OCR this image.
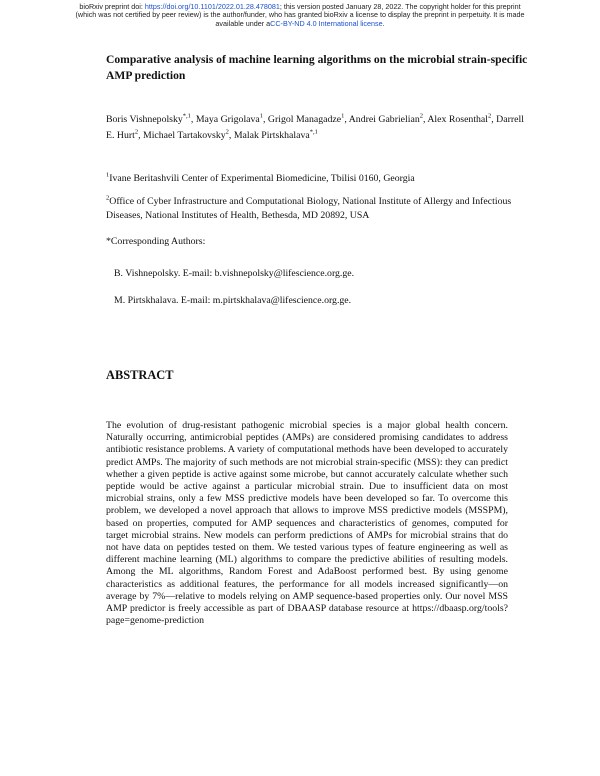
bioRxiv preprint doi: https://doi.org/10.1101/2022.01.28.478081; this version posted January 28, 2022. The copyright holder for this preprint
(which was not certified by peer review) is the author/funder, who has granted bioRxiv a license to display the preprint in perpetuity. It is made
available under aCC-BY-ND 4.0 International license.
Comparative analysis of machine learning algorithms on the microbial strain-specific AMP prediction
Boris Vishnepolsky$^{*,1}$, Maya Grigolava$^1$, Grigol Managadze$^1$, Andrei Gabrielian$^2$, Alex Rosenthal$^2$, Darrell E. Hurt$^2$, Michael Tartakovsky$^2$, Malak Pirtskhalava$^{*,1}$
$^1$Ivane Beritashvili Center of Experimental Biomedicine, Tbilisi 0160, Georgia
$^2$Office of Cyber Infrastructure and Computational Biology, National Institute of Allergy and Infectious Diseases, National Institutes of Health, Bethesda, MD 20892, USA
*Corresponding Authors:
B. Vishnepolsky. E-mail: b.vishnepolsky@lifescience.org.ge.
M. Pirtskhalava. E-mail: m.pirtskhalava@lifescience.org.ge.
ABSTRACT

The evolution of drug-resistant pathogenic microbial species is a major global health concern. Naturally occurring, antimicrobial peptides (AMPs) are considered promising candidates to address antibiotic resistance problems. A variety of computational methods have been developed to accurately predict AMPs. The majority of such methods are not microbial strain-specific (MSS): they can predict whether a given peptide is active against some microbe, but cannot accurately calculate whether such peptide would be active against a particular microbial strain. Due to insufficient data on most microbial strains, only a few MSS predictive models have been developed so far. To overcome this problem, we developed a novel approach that allows to improve MSS predictive models (MSSPM), based on properties, computed for AMP sequences and characteristics of genomes, computed for target microbial strains. New models can perform predictions of AMPs for microbial strains that do not have data on peptides tested on them. We tested various types of feature engineering as well as different machine learning (ML) algorithms to compare the predictive abilities of resulting models. Among the ML algorithms, Random Forest and AdaBoost performed best. By using genome characteristics as additional features, the performance for all models increased significantly—on average by 7%—relative to models relying on AMP sequence-based properties only. Our novel MSS AMP predictor is freely accessible as part of DBAASP database resource at https://dbaasp.org/tools?page=genome-prediction
